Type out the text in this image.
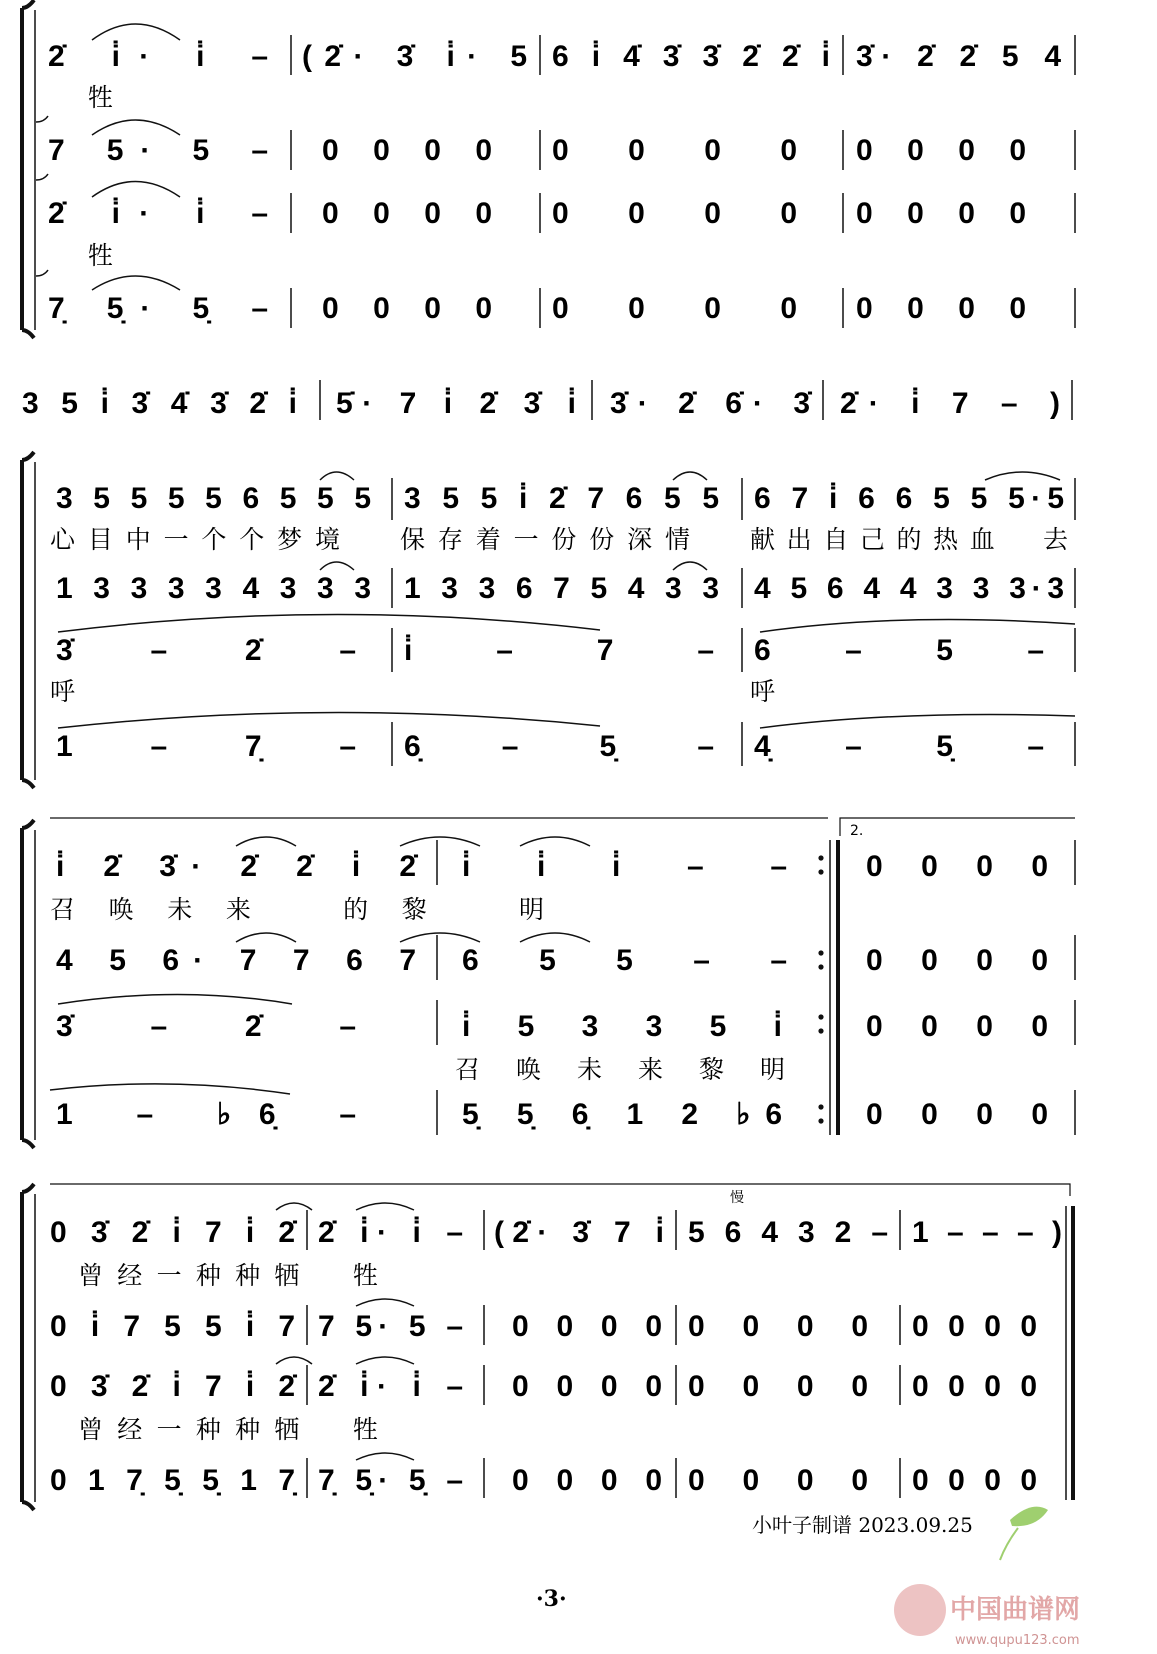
2̇ i̇· i̇ – (2̇· 3̇ i̇· 5 6 i̇ 4̇ 3̇ 3̇ 2̇ 2̇ i̇ 3̇· 2̇ 2̇ 5 4
牲
7 5· 5 – 0 0 0 0 0 0 0 0 0 0 0 0
2̇ i̇· i̇ – 0 0 0 0 0 0 0 0 0 0 0 0
牲
7̣ 5̣· 5̣ – 0 0 0 0 0 0 0 0 0 0 0 0
3 5 i̇ 3̇ 4̇ 3̇ 2̇ i̇ 5̇· 7 i̇ 2̇ 3̇ i̇ 3̇· 2̇ 6̇· 3̇ 2̇· i̇ 7 – )
3 5 5 5 5 6 5 5 5 3 5 5 i̇ 2̇ 7 6 5 5 6 7 i̇ 6 6 5 5 5·5
心目中一个个梦境 保存着一份份深情 献出自己的热血　去
1 3 3 3 3 4 3 3 3 1 3 3 6 7 5 4 3 3 4 5 6 4 4 3 3 3·3
3̇ – 2̇ – i̇ – 7 – 6 – 5 –
呼	呼
1 – 7̣ – 6̣ – 5̣ – 4̣ – 5̣ –
2.
i̇ 2̇ 3̇· 2̇ 2̇ i̇ 2̇ i̇ i̇ i̇ – –	0 0 0 0
召唤未来　的黎　明
4 5 6· 7 7 6 7 6 5 5 – –	0 0 0 0
3̇ – 2̇ –	i̇ 5 3 3 5 i̇	0 0 0 0
召唤未来黎明
1 – ♭6̣ –	5̣ 5̣ 6̣ 1 2 ♭6	0 0 0 0
慢
0 3̇ 2̇ i̇ 7 i̇ 2̇ 2̇ i̇· i̇ – (2̇· 3̇ 7 i̇ 5 6 4 3 2 – 1 – – – )
曾经一种种牺　牲
0 i̇ 7 5 5 i̇ 7 7 5· 5 – 0 0 0 0 0 0 0 0 0 0 0 0
0 3̇ 2̇ i̇ 7 i̇ 2̇ 2̇ i̇· i̇ – 0 0 0 0 0 0 0 0 0 0 0 0
曾经一种种牺　牲
0 1 7̣ 5̣ 5̣ 1 7̣ 7̣ 5̣· 5̣ – 0 0 0 0 0 0 0 0 0 0 0 0
小叶子制谱 2023.09.25
·3·	中国曲谱网
www.qupu123.com
